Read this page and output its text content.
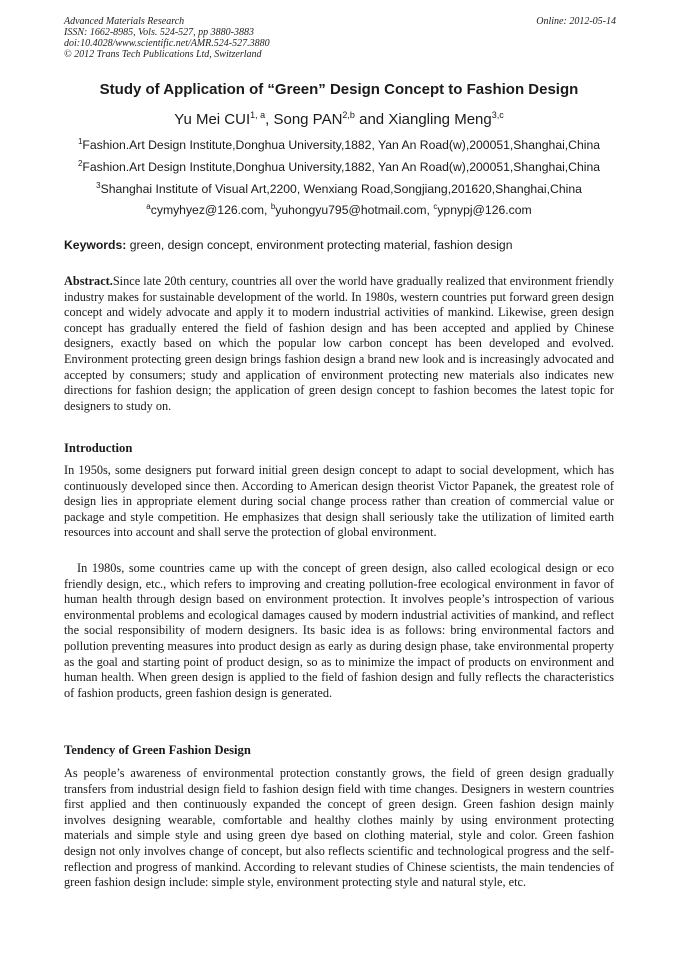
Advanced Materials Research
ISSN: 1662-8985, Vols. 524-527, pp 3880-3883
doi:10.4028/www.scientific.net/AMR.524-527.3880
© 2012 Trans Tech Publications Ltd, Switzerland
Online: 2012-05-14
Study of Application of “Green” Design Concept to Fashion Design
Yu Mei CUI$^{1, a}$, Song PAN$^{2,b}$ and Xiangling Meng$^{3,c}$
$^1$Fashion.Art Design Institute,Donghua University,1882, Yan An Road(w),200051,Shanghai,China
$^2$Fashion.Art Design Institute,Donghua University,1882, Yan An Road(w),200051,Shanghai,China
$^3$Shanghai Institute of Visual Art,2200, Wenxiang Road,Songjiang,201620,Shanghai,China
$^a$cymyhyez@126.com, $^b$yuhongyu795@hotmail.com, $^c$ypnypj@126.com
Keywords: green, design concept, environment protecting material, fashion design

Abstract.Since late 20th century, countries all over the world have gradually realized that environment friendly industry makes for sustainable development of the world. In 1980s, western countries put forward green design concept and widely advocate and apply it to modern industrial activities of mankind. Likewise, green design concept has gradually entered the field of fashion design and has been accepted and applied by Chinese designers, exactly based on which the popular low carbon concept has been developed and evolved. Environment protecting green design brings fashion design a brand new look and is increasingly advocated and accepted by consumers; study and application of environment protecting new materials also indicates new directions for fashion design; the application of green design concept to fashion becomes the latest topic for designers to study on.

Introduction

In 1950s, some designers put forward initial green design concept to adapt to social development, which has continuously developed since then. According to American design theorist Victor Papanek, the greatest role of design lies in appropriate element during social change process rather than creation of commercial value or package and style competition. He emphasizes that design shall seriously take the utilization of limited earth resources into account and shall serve the protection of global environment.

In 1980s, some countries came up with the concept of green design, also called ecological design or eco friendly design, etc., which refers to improving and creating pollution-free ecological environment in favor of human health through design based on environment protection. It involves people’s introspection of various environmental problems and ecological damages caused by modern industrial activities of mankind, and reflect the social responsibility of modern designers. Its basic idea is as follows: bring environmental factors and pollution preventing measures into product design as early as during design phase, take environmental property as the goal and starting point of product design, so as to minimize the impact of products on environment and human health. When green design is applied to the field of fashion design and fully reflects the characteristics of fashion products, green fashion design is generated.

Tendency of Green Fashion Design

As people’s awareness of environmental protection constantly grows, the field of green design gradually transfers from industrial design field to fashion design field with time changes. Designers in western countries first applied and then continuously expanded the concept of green design. Green fashion design mainly involves designing wearable, comfortable and healthy clothes mainly by using environment protecting materials and simple style and using green dye based on clothing material, style and color. Green fashion design not only involves change of concept, but also reflects scientific and technological progress and the self-reflection and progress of mankind. According to relevant studies of Chinese scientists, the main tendencies of green fashion design include: simple style, environment protecting style and natural style, etc.
